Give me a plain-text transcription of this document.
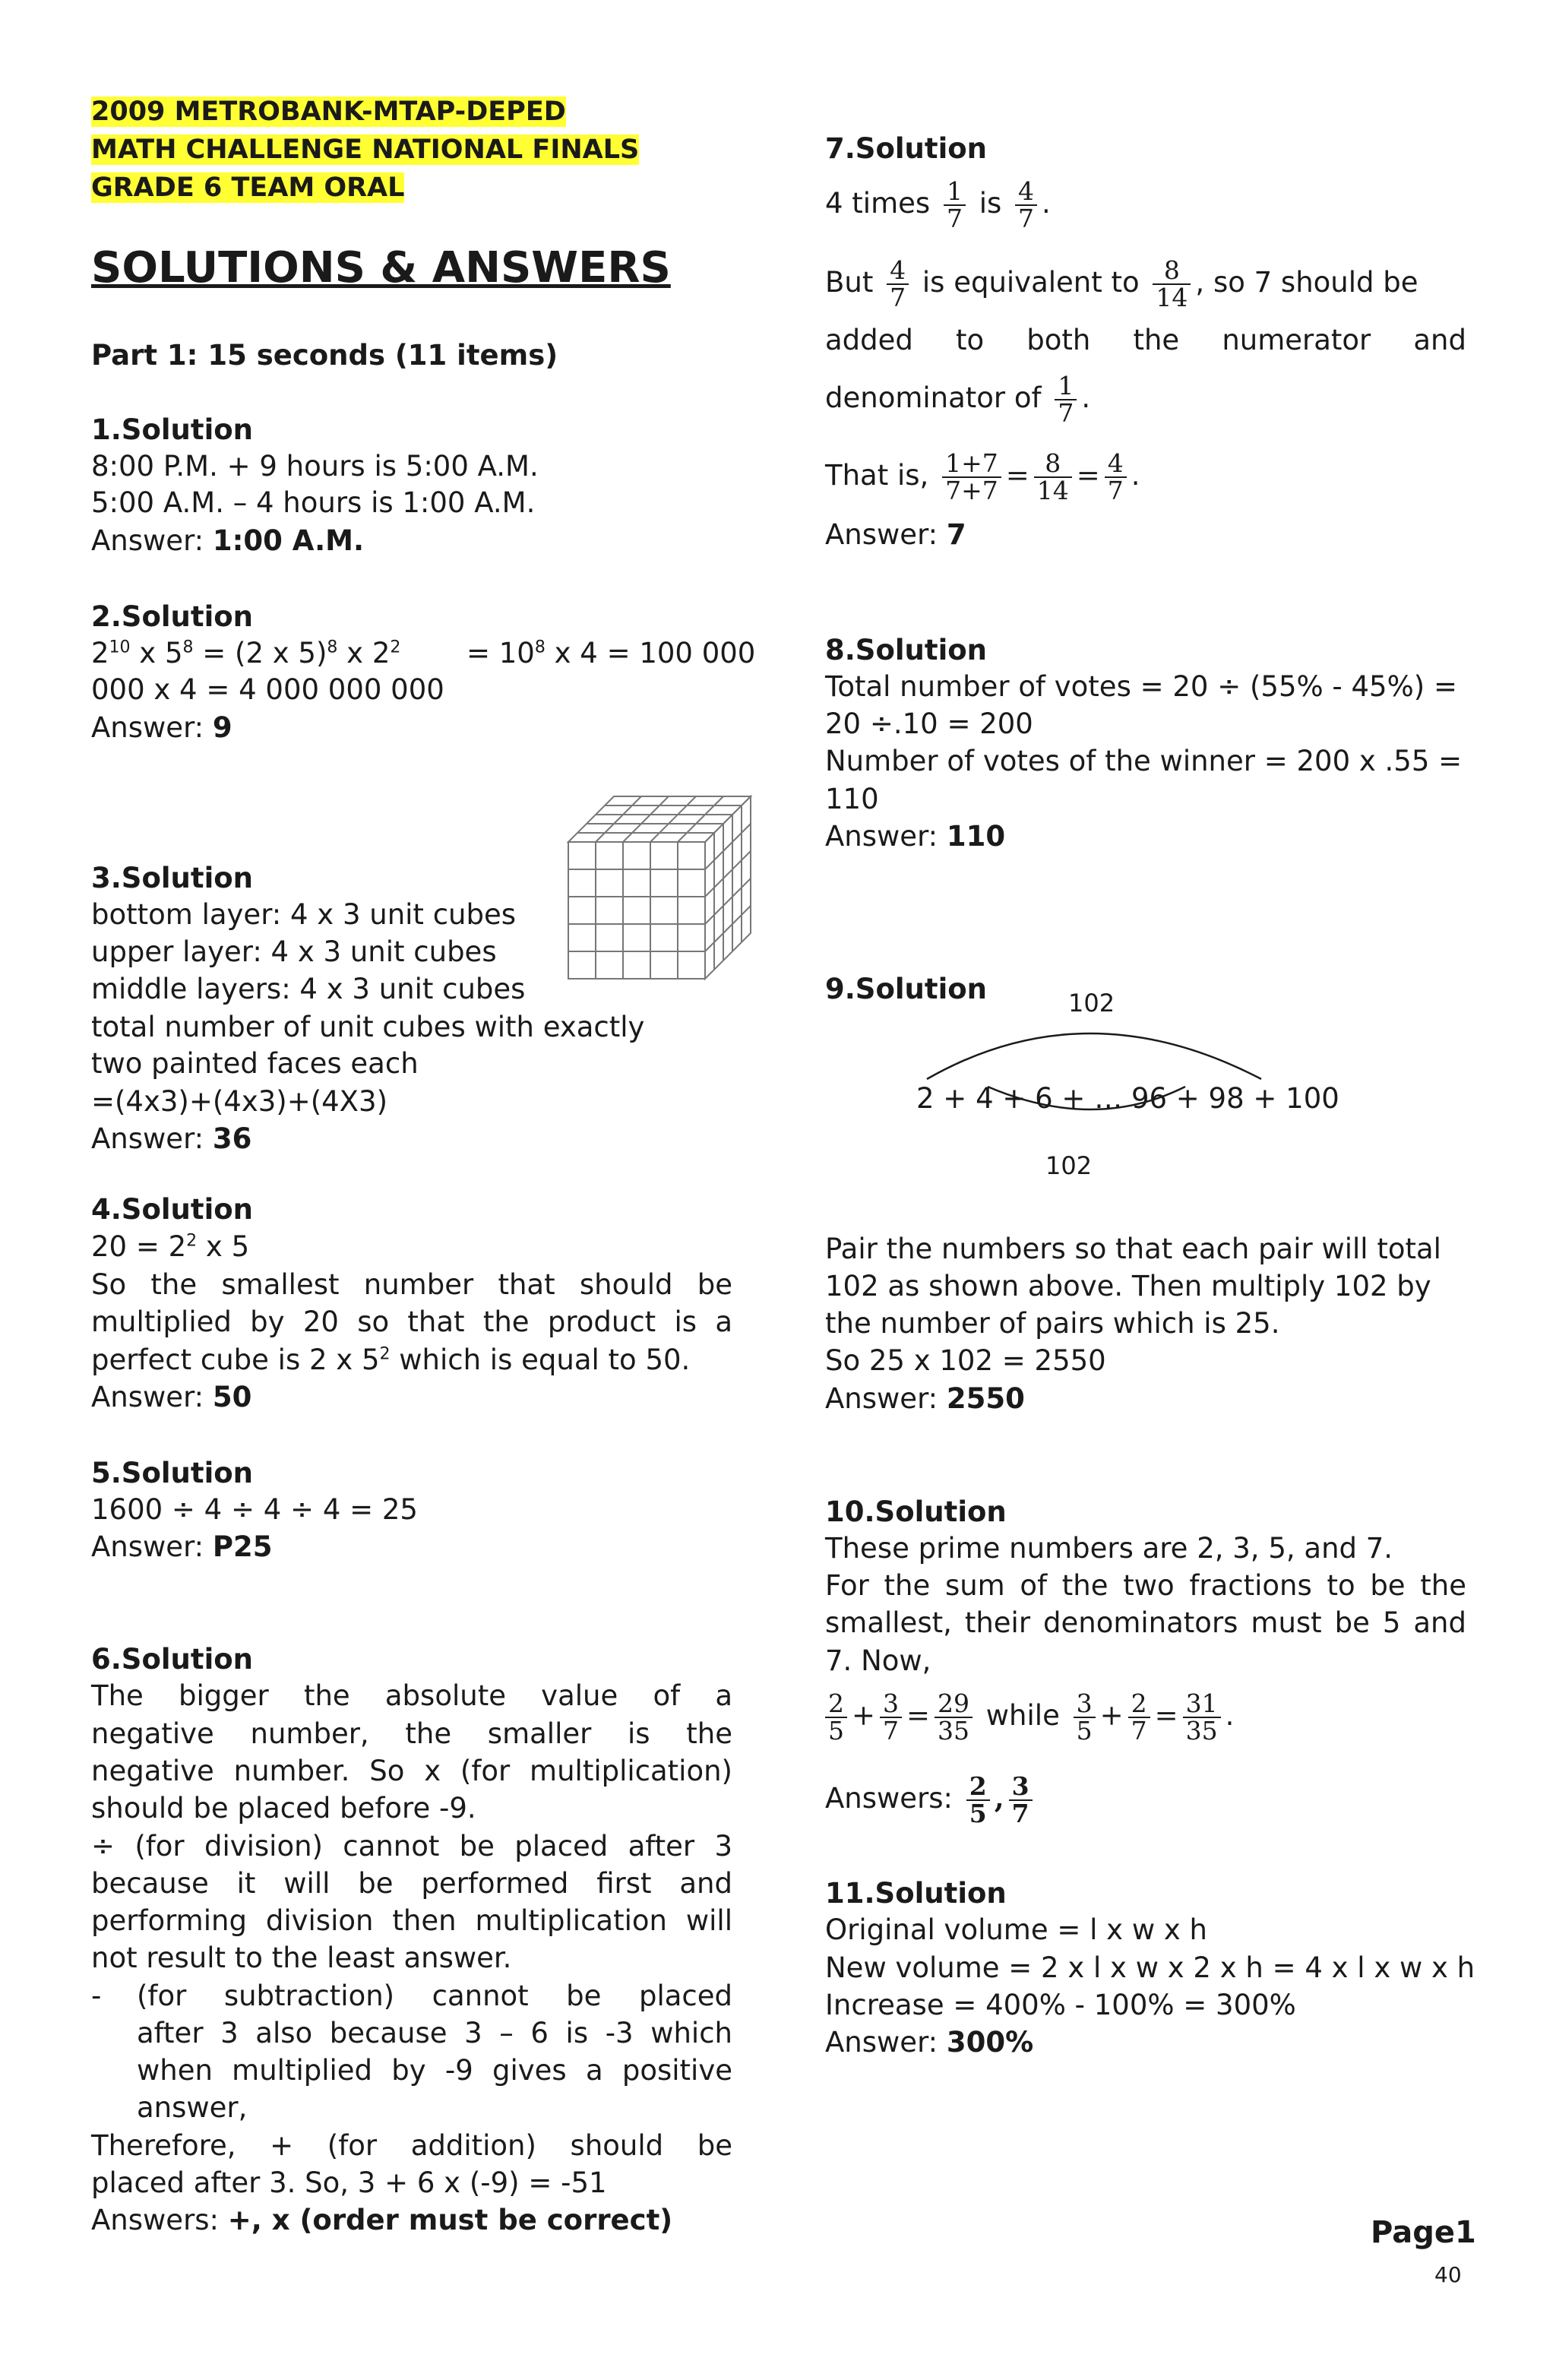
2009 METROBANK-MTAP-DEPED
MATH CHALLENGE NATIONAL FINALS
GRADE 6 TEAM ORAL
SOLUTIONS & ANSWERS
Part 1: 15 seconds (11 items)
1.Solution
8:00 P.M. + 9 hours is 5:00 A.M.
5:00 A.M. – 4 hours is 1:00 A.M.
Answer: 1:00 A.M.
2.Solution
$2^{10}$ x $5^8 = (2$ x 5)$^8$ x $2^2 = 10^8$ x 4 = 100 000
000 x 4 = 4 000 000 000
Answer: 9
3.Solution
bottom layer: 4 x 3 unit cubes
upper layer: 4 x 3 unit cubes
middle layers: 4 x 3 unit cubes
total number of unit cubes with exactly
two painted faces each
=(4x3)+(4x3)+(4X3)
Answer: 36
4.Solution
$20 = 2^2$ x 5
So the smallest number that should be
multiplied by 20 so that the product is a
perfect cube is 2 x $5^2$ which is equal to 50.
Answer: 50
5.Solution
1600 ÷ 4 ÷ 4 ÷ 4 = 25
Answer: P25
6.Solution
The bigger the absolute value of a
negative number, the smaller is the
negative number. So x (for multiplication)
should be placed before -9.
÷ (for division) cannot be placed after 3
because it will be performed first and
performing division then multiplication will
not result to the least answer.
- (for subtraction) cannot be placed
after 3 also because 3 – 6 is -3 which
when multiplied by -9 gives a positive
answer,
Therefore, + (for addition) should be
placed after 3. So, 3 + 6 x (-9) = -51
Answers: +, x (order must be correct)
7.Solution
4 times $\frac{1}{7}$ is $\frac{4}{7}$ .
But $\frac{4}{7}$ is equivalent to $\frac{8}{14}$ , so 7 should be
added to both the numerator and
denominator of $\frac{1}{7}$ .
That is, $\frac{1+7}{7+7} = \frac{8}{14} = \frac{4}{7}$ .
Answer: 7
8.Solution
Total number of votes = 20 ÷ (55% - 45%) =
20 ÷.10 = 200
Number of votes of the winner = 200 x .55 =
110
Answer: 110
9.Solution	102
2 + 4 + 6 + … 96 + 98 + 100
102
Pair the numbers so that each pair will total
102 as shown above. Then multiply 102 by
the number of pairs which is 25.
So 25 x 102 = 2550
Answer: 2550
10.Solution
These prime numbers are 2, 3, 5, and 7.
For the sum of the two fractions to be the
smallest, their denominators must be 5 and
7. Now,
$\frac{2}{5} + \frac{3}{7} = \frac{29}{35}$ while $\frac{3}{5} + \frac{2}{7} = \frac{31}{35}$ .
Answers: $\frac{2}{5}$ , $\frac{3}{7}$
11.Solution
Original volume = l x w x h
New volume = 2 x l x w x 2 x h = 4 x l x w x h
Increase = 400% - 100% = 300%
Answer: 300%
Page1
40
